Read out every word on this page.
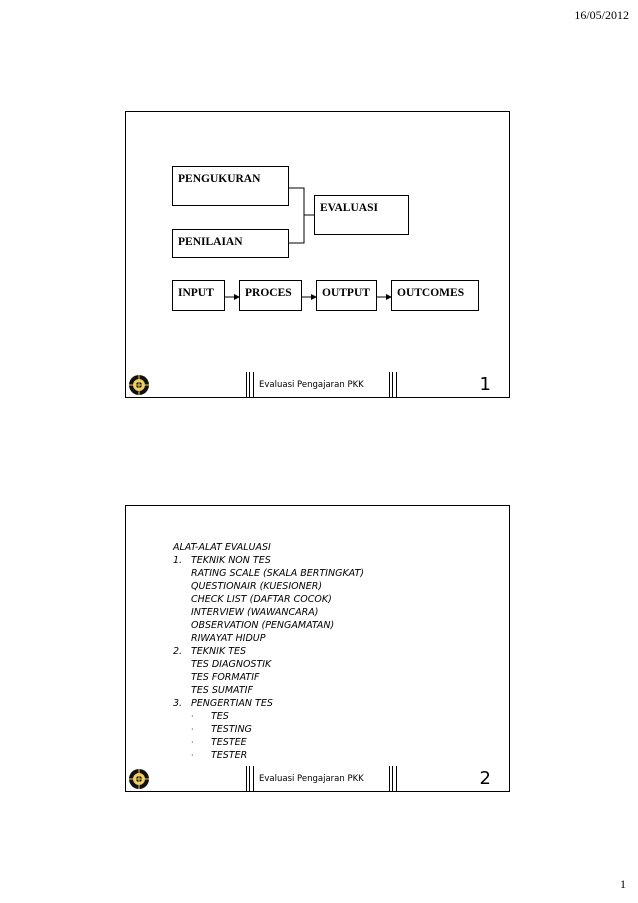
16/05/2012
PENGUKURAN
PENILAIAN
EVALUASI
INPUT	PROCES	OUTPUT	OUTCOMES
Evaluasi Pengajaran PKK	1
ALAT-ALAT EVALUASI
1. TEKNIK NON TES
RATING SCALE (SKALA BERTINGKAT)
QUESTIONAIR (KUESIONER)
CHECK LIST (DAFTAR COCOK)
INTERVIEW (WAWANCARA)
OBSERVATION (PENGAMATAN)
RIWAYAT HIDUP
2. TEKNIK TES
TES DIAGNOSTIK
TES FORMATIF
TES SUMATIF
3. PENGERTIAN TES
· TES
· TESTING
· TESTEE
· TESTER
Evaluasi Pengajaran PKK	2
1
